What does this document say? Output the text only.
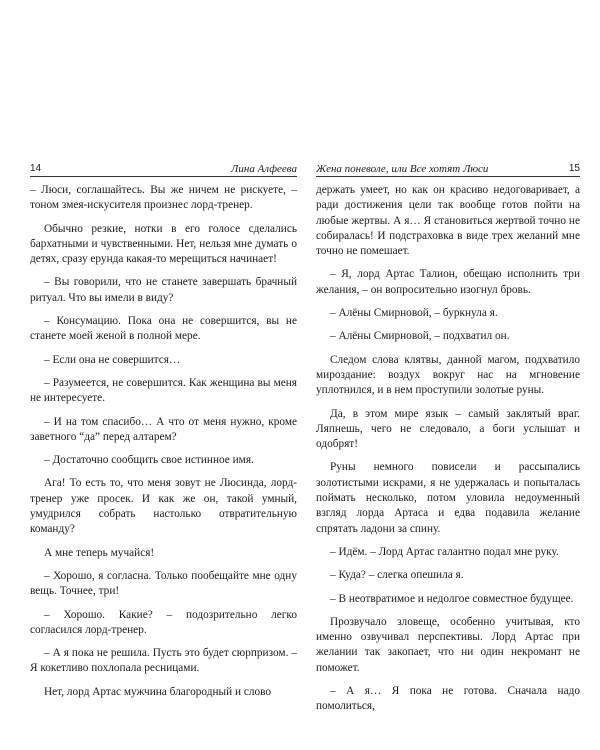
14	Лина Алфеева

– Люси, соглашайтесь. Вы же ничем не рискуете, – тоном змея-искусителя произнес лорд-тренер.

Обычно резкие, нотки в его голосе сделались бархатными и чувственными. Нет, нельзя мне думать о детях, сразу ерунда какая-то мерещиться начинает!

– Вы говорили, что не станете завершать брачный ритуал. Что вы имели в виду?

– Консумацию. Пока она не совершится, вы не станете моей женой в полной мере.

– Если она не совершится…

– Разумеется, не совершится. Как женщина вы меня не интересуете.

– И на том спасибо… А что от меня нужно, кроме заветного “да” перед алтарем?

– Достаточно сообщить свое истинное имя.

Ага! То есть то, что меня зовут не Люсинда, лорд-тренер уже просек. И как же он, такой умный, умудрился собрать настолько отвратительную команду?

А мне теперь мучайся!

– Хорошо, я согласна. Только пообещайте мне одну вещь. Точнее, три!

– Хорошо. Какие? – подозрительно легко согласился лорд-тренер.

– А я пока не решила. Пусть это будет сюрпризом. – Я кокетливо похлопала ресницами.

Нет, лорд Артас мужчина благородный и слово

Жена поневоле, или Все хотят Люси	15

держать умеет, но как он красиво недоговаривает, а ради достижения цели так вообще готов пойти на любые жертвы. А я… Я становиться жертвой точно не собиралась! И подстраховка в виде трех желаний мне точно не помешает.

– Я, лорд Артас Талион, обещаю исполнить три желания, – он вопросительно изогнул бровь.

– Алёны Смирновой, – буркнула я.

– Алёны Смирновой, – подхватил он.

Следом слова клятвы, данной магом, подхватило мироздание: воздух вокруг нас на мгновение уплотнился, и в нем проступили золотые руны.

Да, в этом мире язык – самый заклятый враг. Ляпнешь, чего не следовало, а боги услышат и одобрят!

Руны немного повисели и рассыпались золотистыми искрами, я не удержалась и попыталась поймать несколько, потом уловила недоуменный взгляд лорда Артаса и едва подавила желание спрятать ладони за спину.

– Идём. – Лорд Артас галантно подал мне руку.

– Куда? – слегка опешила я.

– В неотвратимое и недолгое совместное будущее.

Прозвучало зловеще, особенно учитывая, кто именно озвучивал перспективы. Лорд Артас при желании так закопает, что ни один некромант не поможет.

– А я… Я пока не готова. Сначала надо помолиться,
